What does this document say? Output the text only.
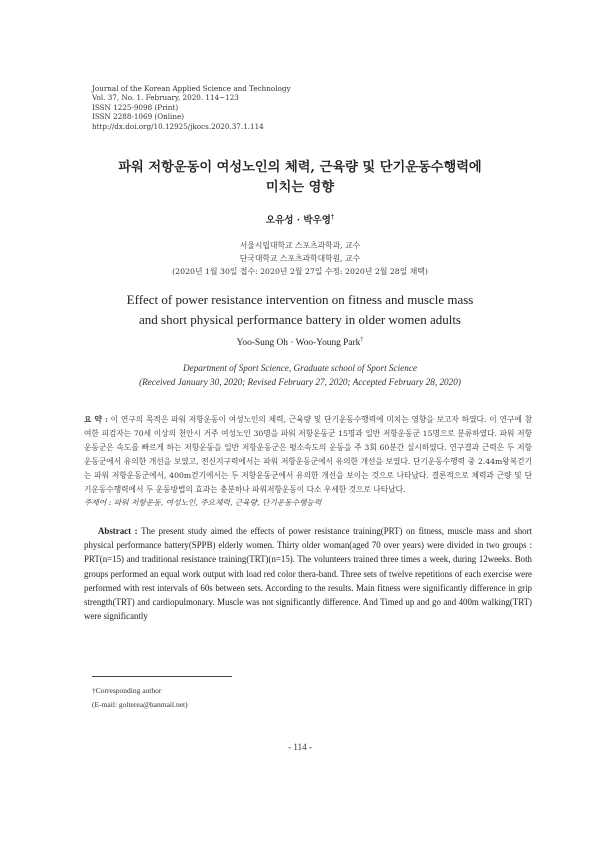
Journal of the Korean Applied Science and Technology
Vol. 37, No. 1. February, 2020. 114~123
ISSN 1225-9098 (Print)
ISSN 2288-1069 (Online)
http://dx.doi.org/10.12925/jkocs.2020.37.1.114
파워 저항운동이 여성노인의 체력, 근육량 및 단기운동수행력에
미치는 영향
오유성 · 박우영†
서울시립대학교 스포츠과학과, 교수
단국대학교 스포츠과학대학원, 교수
(2020년 1월 30일 접수: 2020년 2월 27일 수정: 2020년 2월 28일 채택)
Effect of power resistance intervention on fitness and muscle mass
and short physical performance battery in older women adults
Yoo-Sung Oh · Woo-Young Park†
Department of Sport Science, Graduate school of Sport Science
(Received January 30, 2020; Revised February 27, 2020; Accepted February 28, 2020)
요 약 : 이 연구의 목적은 파워 저항운동이 여성노인의 체력, 근육량 및 단기운동수행력에 미치는 영향을 보고자 하였다. 이 연구에 참여한 피검자는 70세 이상의 천안시 거주 여성노인 30명을 파워 저항운동군 15명과 일반 저항운동군 15명으로 분류하였다. 파워 저항운동군은 속도를 빠르게 하는 저항운동을 일반 저항운동군은 평소속도의 운동을 주 3회 60분간 실시하였다. 연구결과 근력은 두 저항운동군에서 유의한 개선을 보였고, 전신지구력에서는 파워 저항운동군에서 유의한 개선을 보였다. 단기운동수행력 중 2.44m왕복걷기는 파워 저항운동군에서, 400m걷기에서는 두 저항운동군에서 유의한 개선을 보이는 것으로 나타났다. 결론적으로 체력과 근량 및 단기운동수행력에서 두 운동방법의 효과는 충분하나 파워저항운동이 다소 우세한 것으로 나타났다.
주제어 : 파워 저항운동, 여성노인, 주요체력, 근육량, 단기운동수행능력
Abstract : The present study aimed the effects of power resistance training(PRT) on fitness, muscle mass and short physical performance battery(SPPB) elderly women. Thirty older woman(aged 70 over years) were divided in two groups : PRT(n=15) and traditional resistance training(TRT)(n=15). The volunteers trained three times a week, during 12weeks. Both groups performed an equal work output with load red color thera-band. Three sets of twelve repetitions of each exercise were performed with rest intervals of 60s between sets. According to the results. Main fitness were significantly difference in grip strength(TRT) and cardiopulmonary. Muscle was not significantly difference. And Timed up and go and 400m walking(TRT) were significantly
†Corresponding author
(E-mail: golterea@hanmail.net)
- 114 -
